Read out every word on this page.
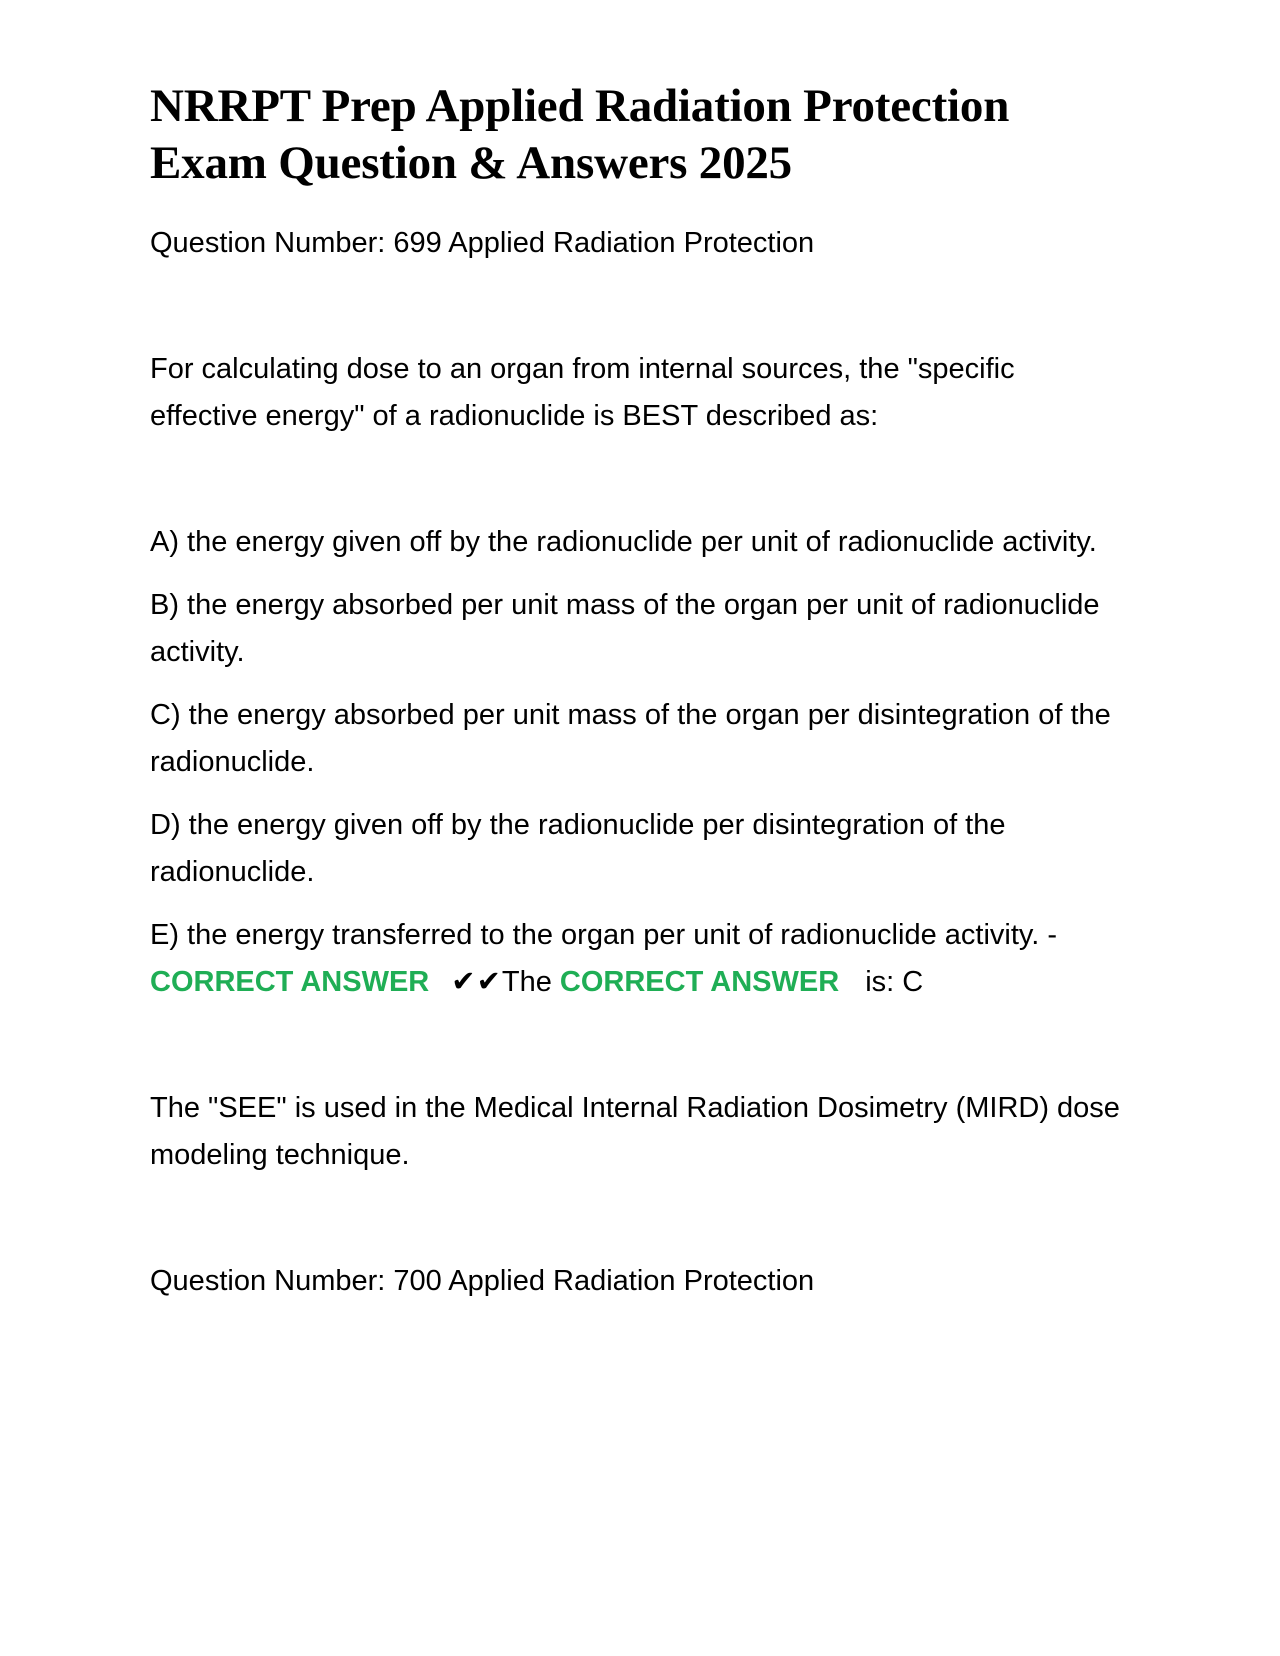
NRRPT Prep Applied Radiation Protection Exam Question & Answers 2025

Question Number: 699 Applied Radiation Protection

For calculating dose to an organ from internal sources, the "specific effective energy" of a radionuclide is BEST described as:

A) the energy given off by the radionuclide per unit of radionuclide activity.

B) the energy absorbed per unit mass of the organ per unit of radionuclide activity.

C) the energy absorbed per unit mass of the organ per disintegration of the radionuclide.

D) the energy given off by the radionuclide per disintegration of the radionuclide.

E) the energy transferred to the organ per unit of radionuclide activity. -
CORRECT ANSWER ✔✔The CORRECT ANSWER is: C

The "SEE" is used in the Medical Internal Radiation Dosimetry (MIRD) dose modeling technique.

Question Number: 700 Applied Radiation Protection
